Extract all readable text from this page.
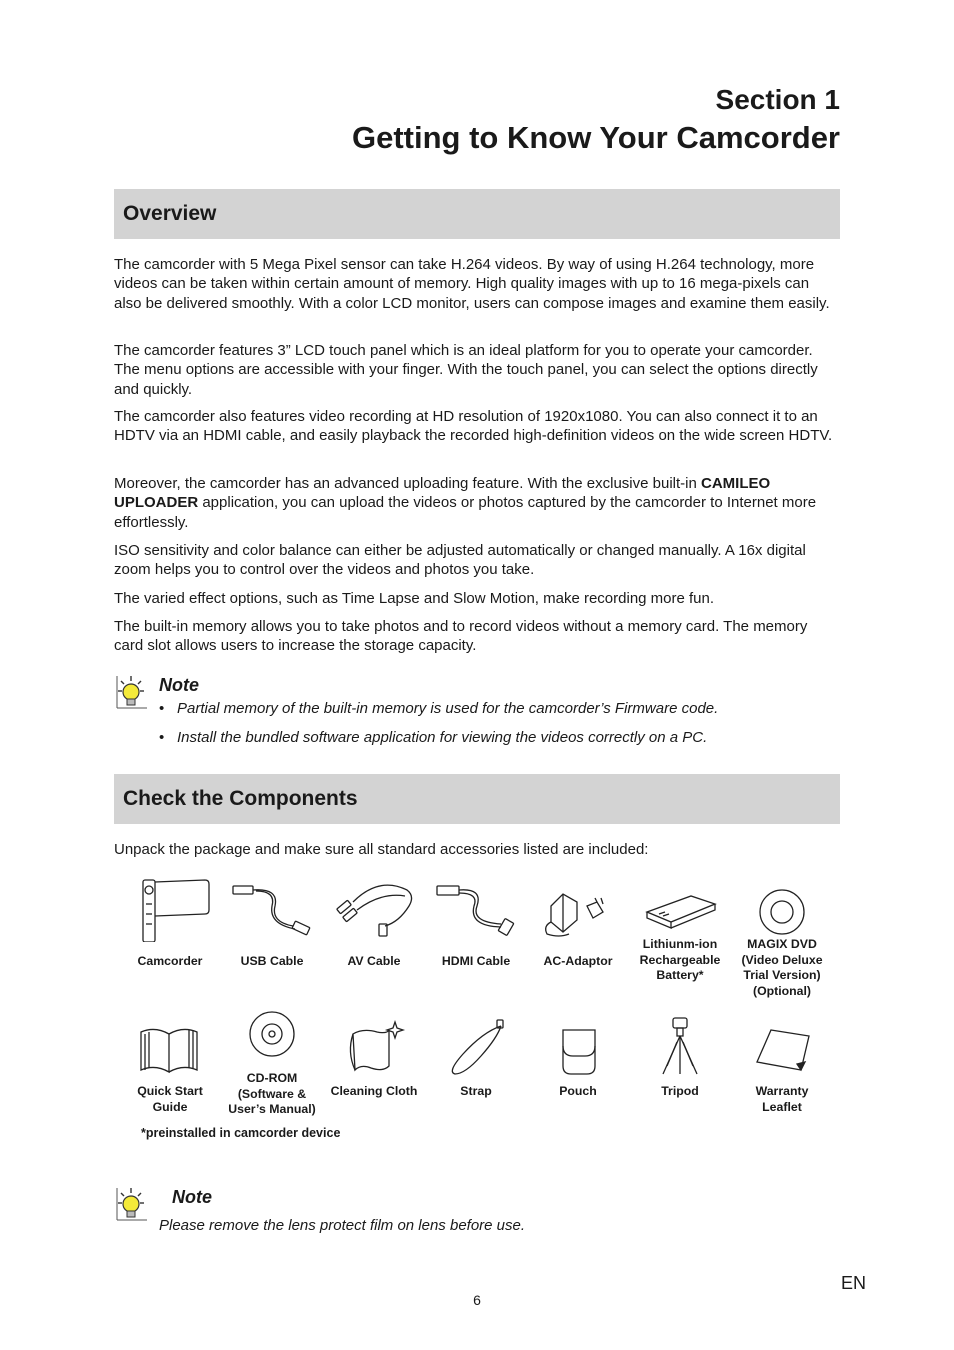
Section 1
Getting to Know Your Camcorder
Overview

The camcorder with 5 Mega Pixel sensor can take H.264 videos. By way of using H.264 technology, more videos can be taken within certain amount of memory. High quality images with up to 16 mega-pixels can also be delivered smoothly. With a color LCD monitor, users can compose images and examine them easily.

The camcorder features 3” LCD touch panel which is an ideal platform for you to operate your camcorder. The menu options are accessible with your finger. With the touch panel, you can select the options directly and quickly.

The camcorder also features video recording at HD resolution of 1920x1080. You can also connect it to an HDTV via an HDMI cable, and easily playback the recorded high-definition videos on the wide screen HDTV.

Moreover, the camcorder has an advanced uploading feature. With the exclusive built-in CAMILEO UPLOADER application, you can upload the videos or photos captured by the camcorder to Internet more effortlessly.

ISO sensitivity and color balance can either be adjusted automatically or changed manually. A 16x digital zoom helps you to control over the videos and photos you take.

The varied effect options, such as Time Lapse and Slow Motion, make recording more fun.

The built-in memory allows you to take photos and to record videos without a memory card. The memory card slot allows users to increase the storage capacity.

Note
• Partial memory of the built-in memory is used for the camcorder’s Firmware code.
• Install the bundled software application for viewing the videos correctly on a PC.
Check the Components

Unpack the package and make sure all standard accessories listed are included:

Camcorder	USB Cable	AV Cable	HDMI Cable	AC-Adaptor
Lithiunm-ion
Rechargeable
Battery*
MAGIX DVD
(Video Deluxe
Trial Version)
(Optional)
Quick Start
Guide
CD-ROM
(Software &
User’s Manual)
Cleaning Cloth	Strap	Pouch	Tripod	Warranty
Leaflet
*preinstalled in camcorder device
Note
Please remove the lens protect film on lens before use.
6
EN
